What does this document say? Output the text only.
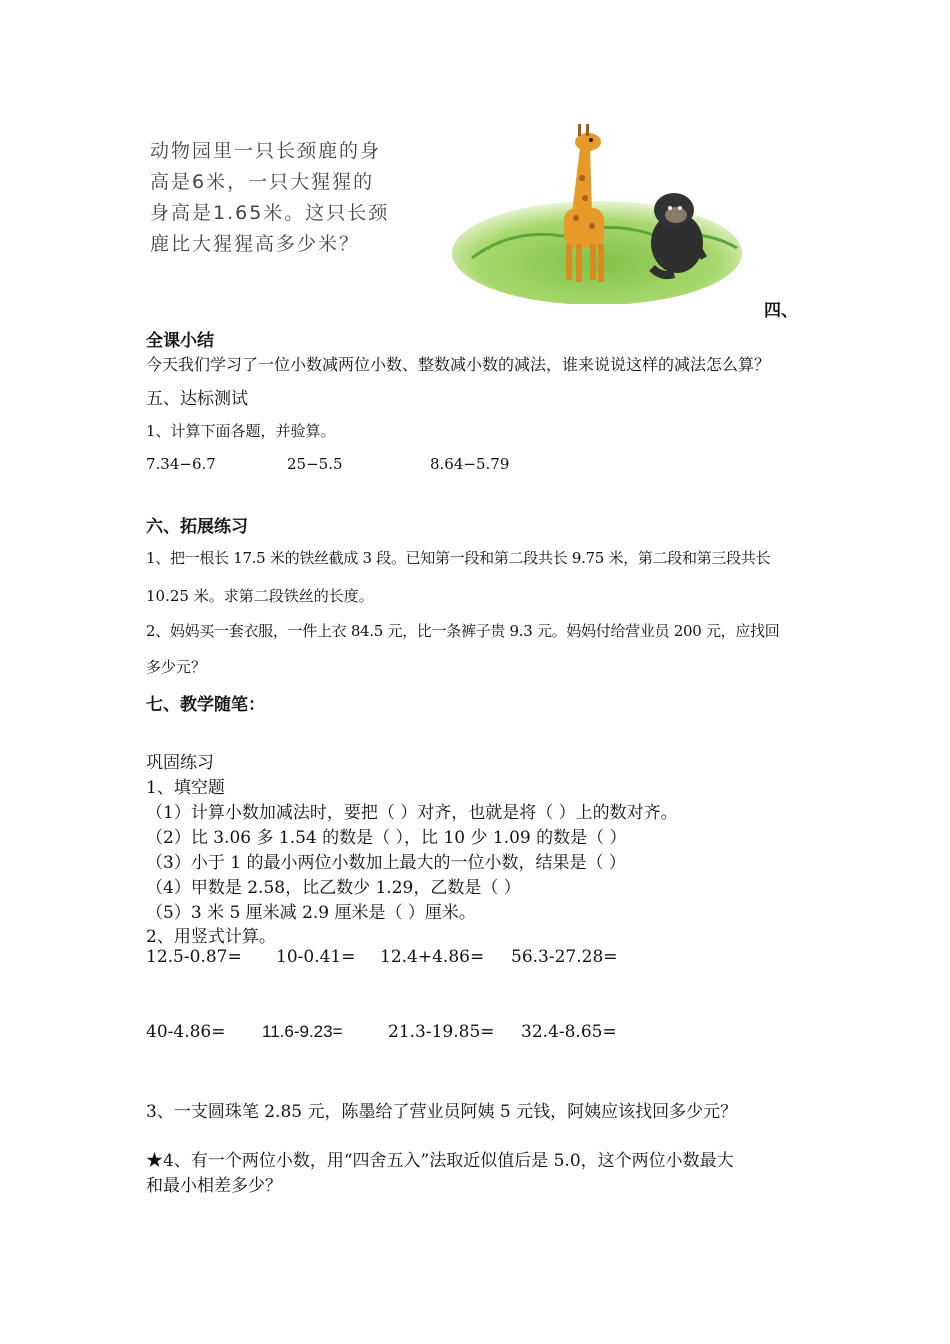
动物园里一只长颈鹿的身
高是6米，一只大猩猩的
身高是1.65米。这只长颈
鹿比大猩猩高多少米？
四、
全课小结
今天我们学习了一位小数减两位小数、整数减小数的减法，谁来说说这样的减法怎么算？
五、达标测试
1、计算下面各题，并验算。
7.34−6.7	25−5.5	8.64−5.79
六、拓展练习
1、把一根长 17.5 米的铁丝截成 3 段。已知第一段和第二段共长 9.75 米，第二段和第三段共长
10.25 米。求第二段铁丝的长度。
2、妈妈买一套衣服，一件上衣 84.5 元，比一条裤子贵 9.3 元。妈妈付给营业员 200 元，应找回
多少元？
七、教学随笔：
巩固练习
1、填空题
（1）计算小数加减法时，要把（ ）对齐，也就是将（ ）上的数对齐。
（2）比 3.06 多 1.54 的数是（ ），比 10 少 1.09 的数是（ ）
（3）小于 1 的最小两位小数加上最大的一位小数，结果是（ ）
（4）甲数是 2.58，比乙数少 1.29，乙数是（ ）
（5）3 米 5 厘米减 2.9 厘米是（ ）厘米。
2、用竖式计算。
12.5-0.87= 10-0.41= 12.4+4.86= 56.3-27.28=
40-4.86= 11.6-9.23=	21.3-19.85= 32.4-8.65=
3、一支圆珠笔 2.85 元，陈墨给了营业员阿姨 5 元钱，阿姨应该找回多少元？
★4、有一个两位小数，用“四舍五入”法取近似值后是 5.0，这个两位小数最大
和最小相差多少？
